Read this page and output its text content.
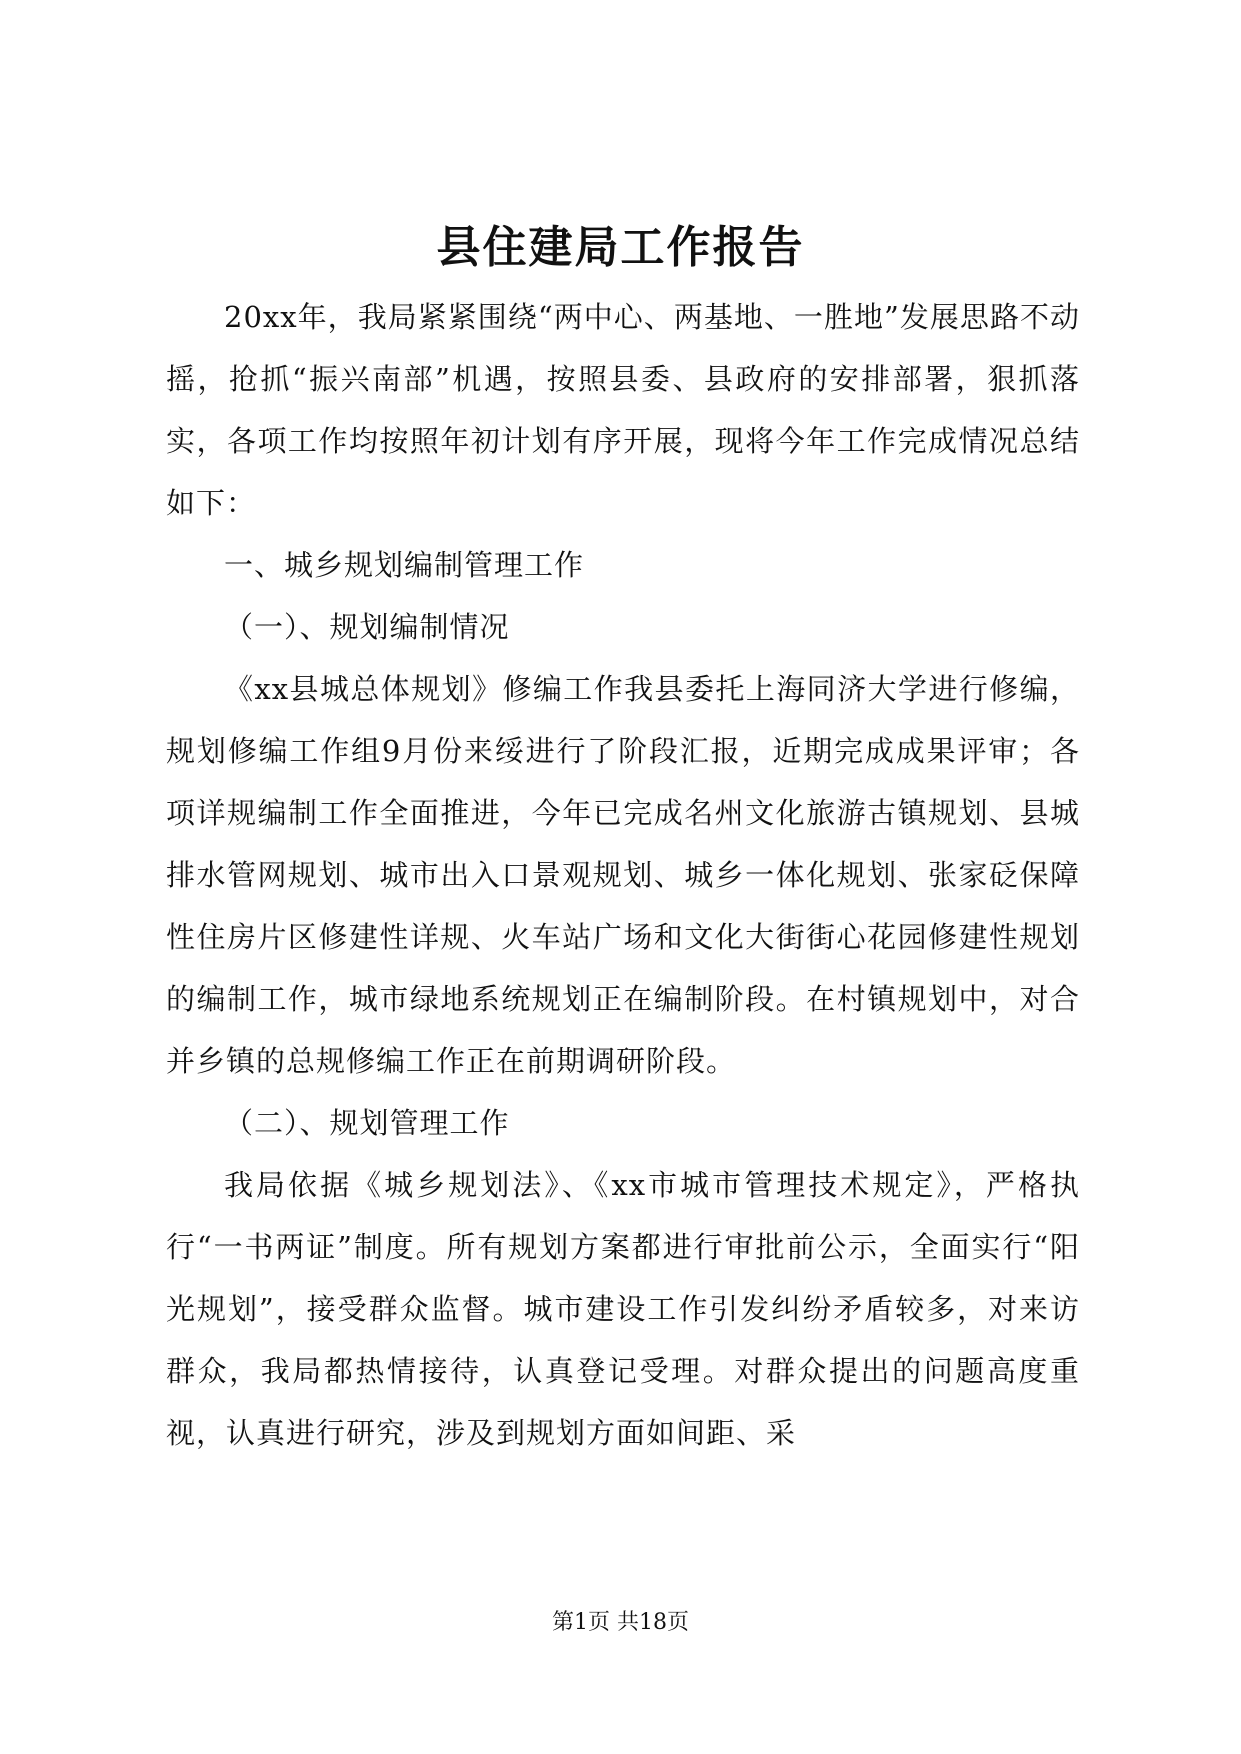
县住建局工作报告

20xx年，我局紧紧围绕“两中心、两基地、一胜地”发展思路不动摇，抢抓“振兴南部”机遇，按照县委、县政府的安排部署，狠抓落实，各项工作均按照年初计划有序开展，现将今年工作完成情况总结如下：

一、城乡规划编制管理工作

（一）、规划编制情况

《xx县城总体规划》修编工作我县委托上海同济大学进行修编，规划修编工作组9月份来绥进行了阶段汇报，近期完成成果评审；各项详规编制工作全面推进，今年已完成名州文化旅游古镇规划、县城排水管网规划、城市出入口景观规划、城乡一体化规划、张家砭保障性住房片区修建性详规、火车站广场和文化大街街心花园修建性规划的编制工作，城市绿地系统规划正在编制阶段。在村镇规划中，对合并乡镇的总规修编工作正在前期调研阶段。

（二）、规划管理工作

我局依据《城乡规划法》、《xx市城市管理技术规定》，严格执行“一书两证”制度。所有规划方案都进行审批前公示，全面实行“阳光规划”，接受群众监督。城市建设工作引发纠纷矛盾较多，对来访群众，我局都热情接待，认真登记受理。对群众提出的问题高度重视，认真进行研究，涉及到规划方面如间距、采

第1页 共18页
